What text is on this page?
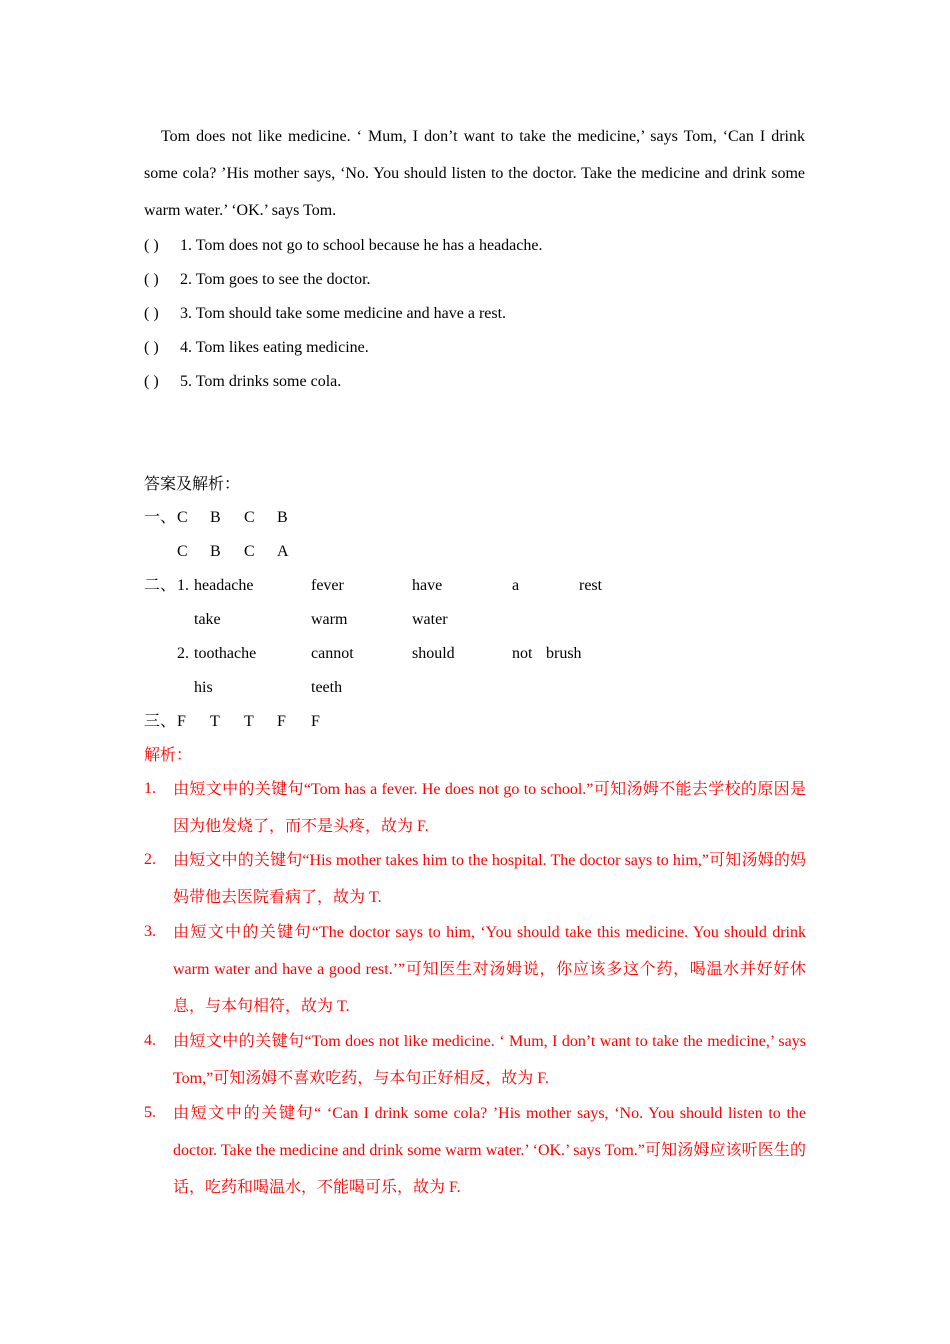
Tom does not like medicine. ‘ Mum, I don’t want to take the medicine,’ says Tom, ‘Can I drink some cola? ’His mother says, ‘No. You should listen to the doctor. Take the medicine and drink some warm water.’ ‘OK.’ says Tom.

( ) 1. Tom does not go to school because he has a headache.
( ) 2. Tom goes to see the doctor.
( ) 3. Tom should take some medicine and have a rest.
( ) 4. Tom likes eating medicine.
( ) 5. Tom drinks some cola.
答案及解析：
一、 C B C B
C B C A
二、 1. headache	fever	have	a	rest
take	warm	water
2. toothache	cannot	should	not brush
his	teeth
三、 F T T F F
解析：
1. 由短文中的关键句“Tom has a fever. He does not go to school.”可知汤姆不能去学校的原因是因为他发烧了，而不是头疼，故为 F.
2. 由短文中的关键句“His mother takes him to the hospital. The doctor says to him,”可知汤姆的妈妈带他去医院看病了，故为 T.
3. 由短文中的关键句“The doctor says to him, ‘You should take this medicine. You should drink warm water and have a good rest.’”可知医生对汤姆说，你应该多这个药，喝温水并好好休息，与本句相符，故为 T.
4. 由短文中的关键句“Tom does not like medicine. ‘ Mum, I don’t want to take the medicine,’ says Tom,”可知汤姆不喜欢吃药，与本句正好相反，故为 F.
5. 由短文中的关键句“ ‘Can I drink some cola? ’His mother says, ‘No. You should listen to the doctor. Take the medicine and drink some warm water.’ ‘OK.’ says Tom.”可知汤姆应该听医生的话，吃药和喝温水，不能喝可乐，故为 F.
